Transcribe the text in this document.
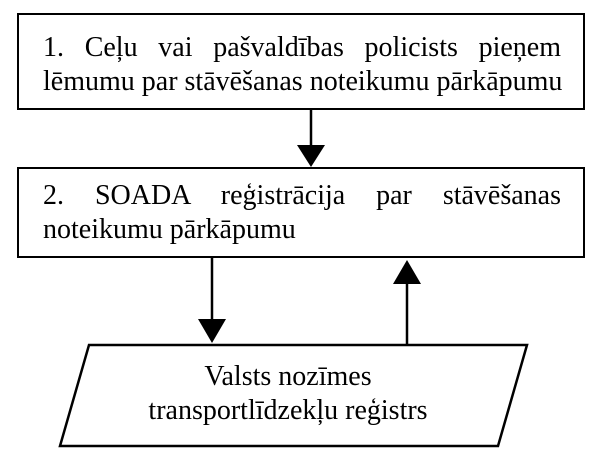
1. Ceļu vai pašvaldības policists pieņem
lēmumu par stāvēšanas noteikumu pārkāpumu
2. SOADA reģistrācija par stāvēšanas
noteikumu pārkāpumu
Valsts nozīmes
transportlīdzekļu reģistrs
